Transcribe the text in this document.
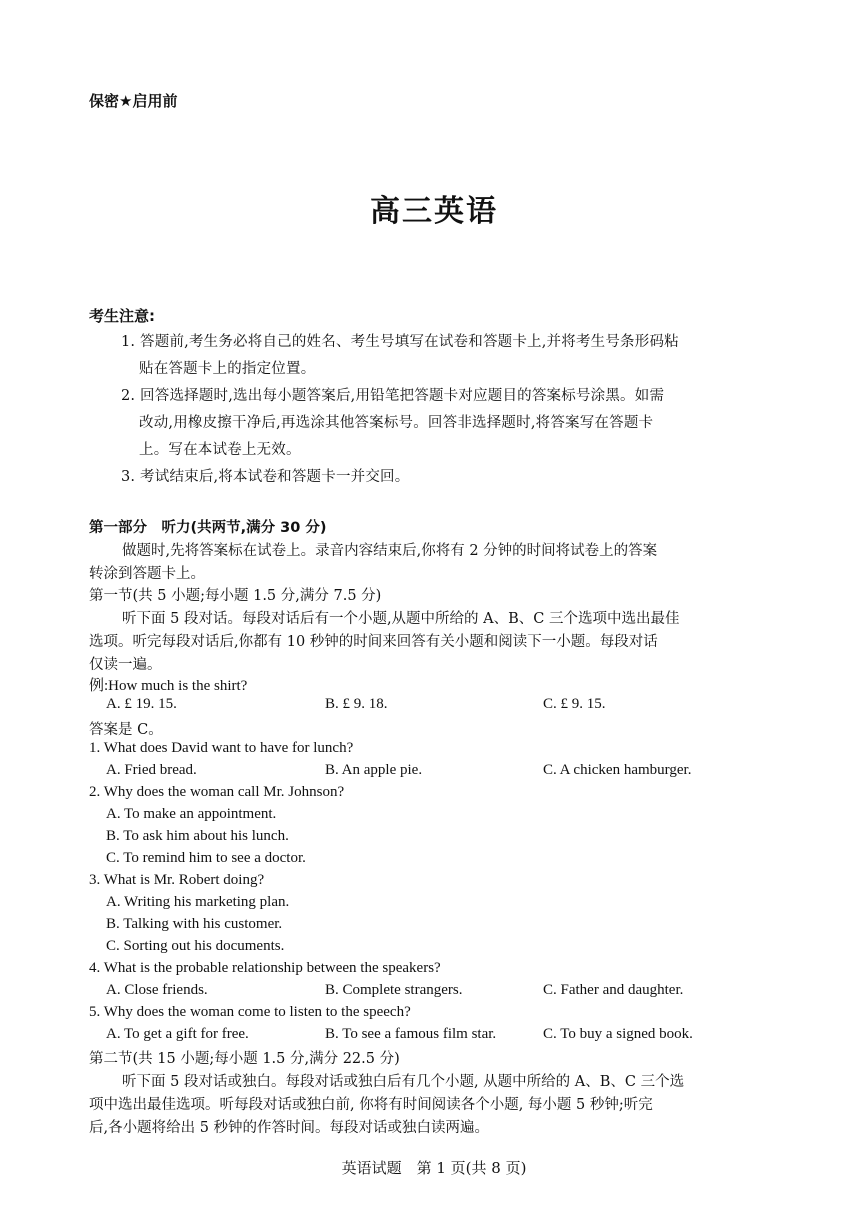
保密★启用前
高三英语
考生注意:
1. 答题前,考生务必将自己的姓名、考生号填写在试卷和答题卡上,并将考生号条形码粘
贴在答题卡上的指定位置。
2. 回答选择题时,选出每小题答案后,用铅笔把答题卡对应题目的答案标号涂黑。如需
改动,用橡皮擦干净后,再选涂其他答案标号。回答非选择题时,将答案写在答题卡
上。写在本试卷上无效。
3. 考试结束后,将本试卷和答题卡一并交回。
第一部分　听力(共两节,满分 30 分)
做题时,先将答案标在试卷上。录音内容结束后,你将有 2 分钟的时间将试卷上的答案
转涂到答题卡上。
第一节(共 5 小题;每小题 1.5 分,满分 7.5 分)
听下面 5 段对话。每段对话后有一个小题,从题中所给的 A、B、C 三个选项中选出最佳
选项。听完每段对话后,你都有 10 秒钟的时间来回答有关小题和阅读下一小题。每段对话
仅读一遍。
例:How much is the shirt?
A. £ 19. 15.	B. £ 9. 18.	C. £ 9. 15.
答案是 C。
1. What does David want to have for lunch?
A. Fried bread.	B. An apple pie.	C. A chicken hamburger.
2. Why does the woman call Mr. Johnson?
A. To make an appointment.
B. To ask him about his lunch.
C. To remind him to see a doctor.
3. What is Mr. Robert doing?
A. Writing his marketing plan.
B. Talking with his customer.
C. Sorting out his documents.
4. What is the probable relationship between the speakers?
A. Close friends.	B. Complete strangers.	C. Father and daughter.
5. Why does the woman come to listen to the speech?
A. To get a gift for free.	B. To see a famous film star.	C. To buy a signed book.
第二节(共 15 小题;每小题 1.5 分,满分 22.5 分)
听下面 5 段对话或独白。每段对话或独白后有几个小题, 从题中所给的 A、B、C 三个选
项中选出最佳选项。听每段对话或独白前, 你将有时间阅读各个小题, 每小题 5 秒钟;听完
后,各小题将给出 5 秒钟的作答时间。每段对话或独白读两遍。
英语试题　第 1 页(共 8 页)
